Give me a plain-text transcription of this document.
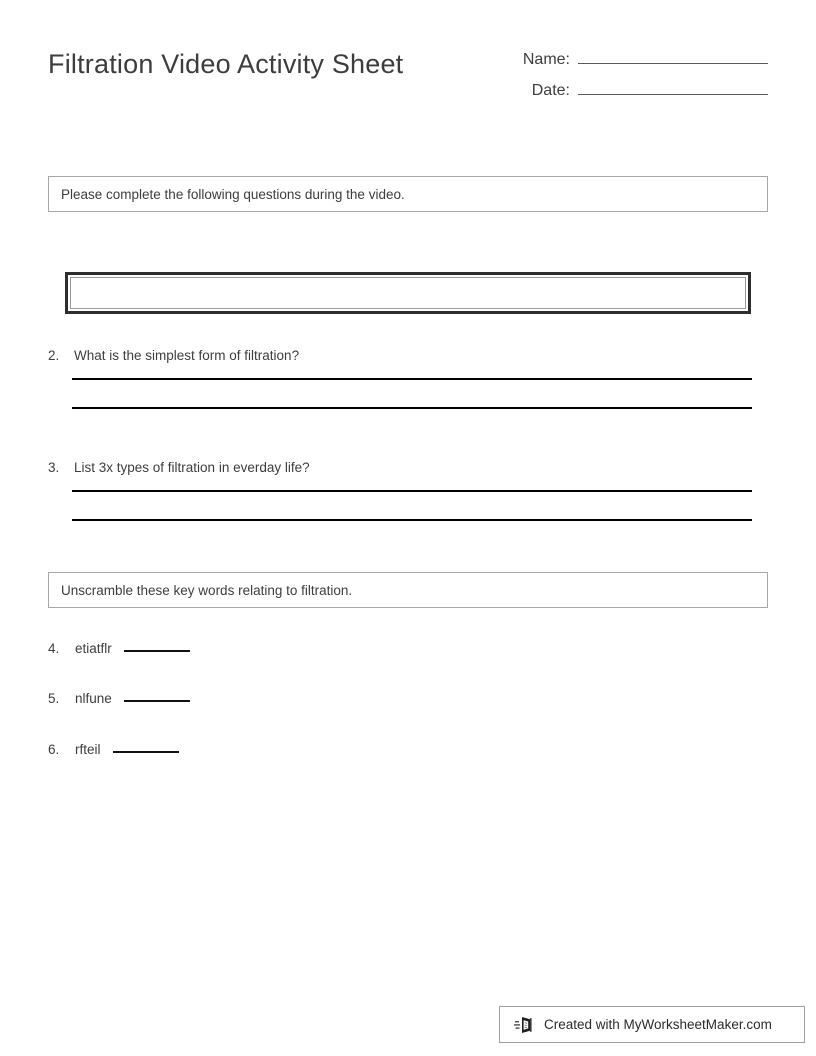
Filtration Video Activity Sheet	Name:
Date:
Please complete the following questions during the video.
2.	What is the simplest form of filtration?
3.	List 3x types of filtration in everday life?
Unscramble these key words relating to filtration.
4.	etiatflr
5.	nlfune
6.	rfteil
Created with MyWorksheetMaker.com
